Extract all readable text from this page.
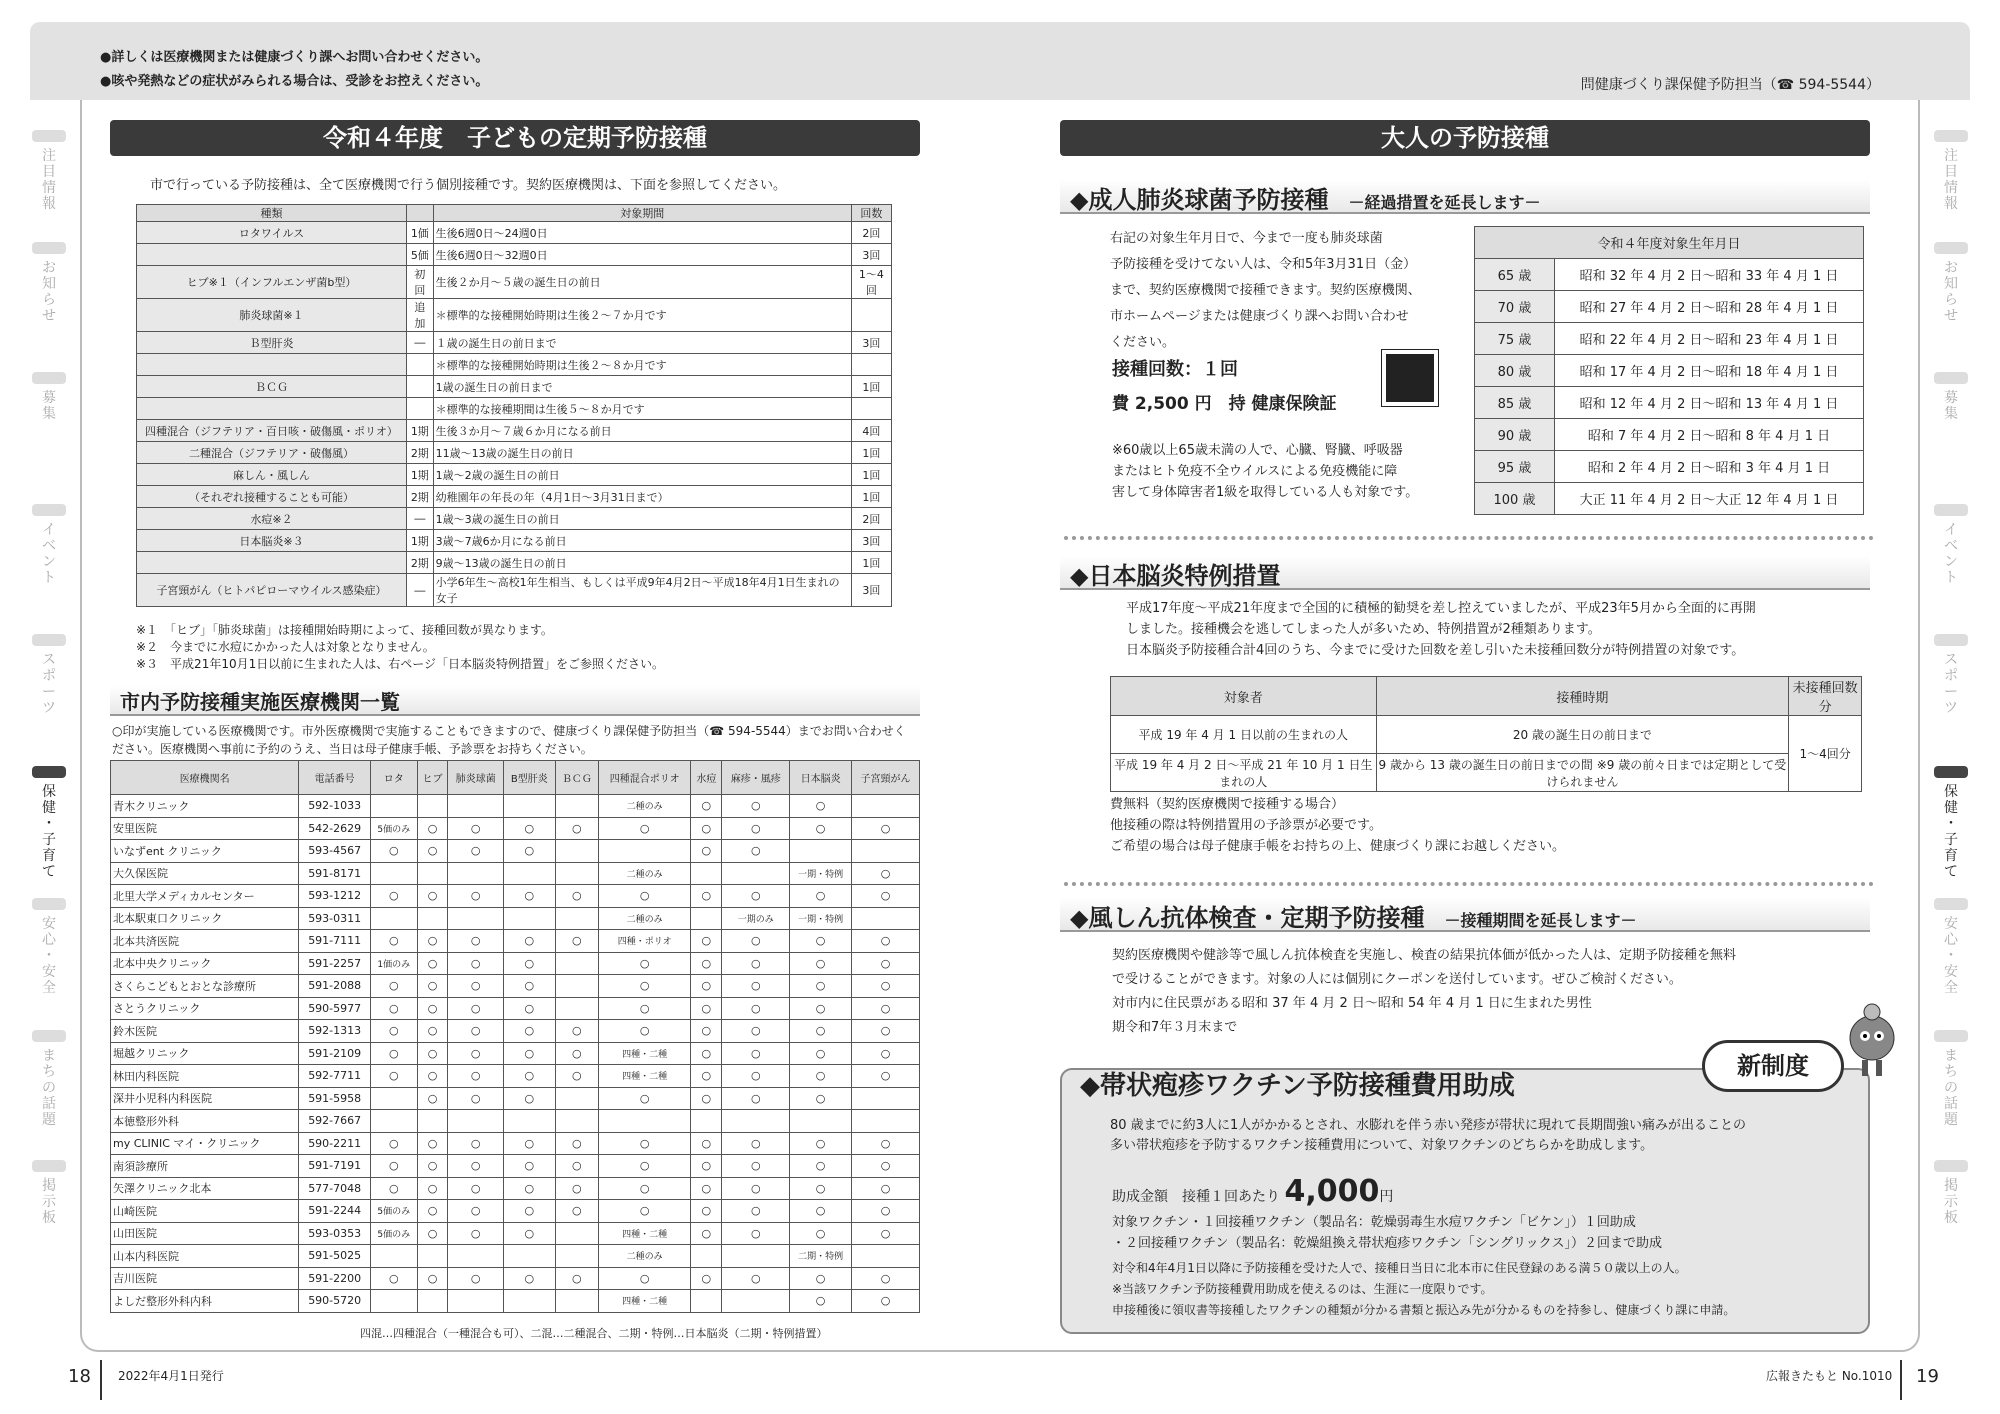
●詳しくは医療機関または健康づくり課へお問い合わせください。
●咳や発熱などの症状がみられる場合は、受診をお控えください。	問健康づくり課保健予防担当（☎ 594-5544）
令和４年度　子どもの定期予防接種
市で行っている予防接種は、全て医療機関で行う個別接種です。契約医療機関は、下面を参照してください。
種類		対象期間	回数
ロタワイルス	1価	生後6週0日～24週0日	2回
	5価	生後6週0日～32週0日	3回
ヒブ※１（インフルエンザ菌b型）	初回	生後２か月～５歳の誕生日の前日	1～4回
肺炎球菌※１	追加	＊標準的な接種開始時期は生後２～７か月です	
Ｂ型肝炎	―	１歳の誕生日の前日まで	3回
		＊標準的な接種開始時期は生後２～８か月です	
ＢＣＧ		1歳の誕生日の前日まで	1回
		＊標準的な接種期間は生後５～８か月です	
四種混合（ジフテリア・百日咳・破傷風・ポリオ）	1期	生後３か月～７歳６か月になる前日	4回
二種混合（ジフテリア・破傷風）	2期	11歳～13歳の誕生日の前日	1回
麻しん・風しん	1期	1歳～2歳の誕生日の前日	1回
（それぞれ接種することも可能）	2期	幼稚園年の年長の年（4月1日～3月31日まで）	1回
水痘※２	―	1歳～3歳の誕生日の前日	2回
日本脳炎※３	1期	3歳～7歳6か月になる前日	3回
	2期	9歳～13歳の誕生日の前日	1回
子宮頸がん（ヒトパピローマウイルス感染症）	―	小学6年生～高校1年生相当、もしくは平成9年4月2日～平成18年4月1日生まれの女子	3回
※１　「ヒブ」「肺炎球菌」は接種開始時期によって、接種回数が異なります。
※２　今までに水痘にかかった人は対象となりません。
※３　平成21年10月1日以前に生まれた人は、右ページ「日本脳炎特例措置」をご参照ください。
市内予防接種実施医療機関一覧
○印が実施している医療機関です。市外医療機関で実施することもできますので、健康づくり課保健予防担当（☎ 594-5544）までお問い合わせください。医療機関へ事前に予約のうえ、当日は母子健康手帳、予診票をお持ちください。
医療機関名	電話番号	ロタ	ヒブ	肺炎球菌	B型肝炎	ＢＣＧ	四種混合ポリオ	水痘	麻疹・風疹	日本脳炎	子宮頸がん
青木クリニック	592-1033						二種のみ	○	○	○	
安里医院	542-2629	5価のみ	○	○	○	○	○	○	○	○	○
いなずent クリニック	593-4567	○	○	○	○			○	○		
大久保医院	591-8171						二種のみ			一期・特例	○
北里大学メディカルセンター	593-1212	○	○	○	○	○	○	○	○	○	○
北本駅東口クリニック	593-0311						二種のみ		一期のみ	一期・特例	
北本共済医院	591-7111	○	○	○	○	○	四種・ポリオ	○	○	○	○
北本中央クリニック	591-2257	1価のみ	○	○	○		○	○	○	○	○
さくらこどもとおとな診療所	591-2088	○	○	○	○		○	○	○	○	○
さとうクリニック	590-5977	○	○	○	○		○	○	○	○	○
鈴木医院	592-1313	○	○	○	○	○	○	○	○	○	○
堀越クリニック	591-2109	○	○	○	○	○	四種・二種	○	○	○	○
林田内科医院	592-7711	○	○	○	○	○	四種・二種	○	○	○	○
深井小児科内科医院	591-5958		○	○	○		○	○	○	○	
本徳整形外科	592-7667										
my CLINIC マイ・クリニック	590-2211	○	○	○	○	○	○	○	○	○	○
南須診療所	591-7191	○	○	○	○	○	○	○	○	○	○
矢澤クリニック北本	577-7048	○	○	○	○	○	○	○	○	○	○
山崎医院	591-2244	5価のみ	○	○	○	○	○	○	○	○	○
山田医院	593-0353	5価のみ	○	○	○		四種・二種	○	○	○	○
山本内科医院	591-5025						二種のみ			二期・特例	
吉川医院	591-2200	○	○	○	○	○	○	○	○	○	○
よしだ整形外科内科	590-5720						四種・二種			○	○
四混…四種混合（一種混合も可）、二混…二種混合、二期・特例…日本脳炎（二期・特例措置）
18 2022年4月1日発行
大人の予防接種
◆成人肺炎球菌予防接種 －経過措置を延長します－
右記の対象生年月日で、今まで一度も肺炎球菌
予防接種を受けてない人は、令和5年3月31日（金）
まで、契約医療機関で接種できます。契約医療機関、
市ホームページまたは健康づくり課へお問い合わせ
ください。
接種回数：１回
費 2,500 円　持 健康保険証
※60歳以上65歳未満の人で、心臓、腎臓、呼吸器
またはヒト免疫不全ウイルスによる免疫機能に障
害して身体障害者1級を取得している人も対象です。
令和４年度対象生年月日	
65 歳	昭和 32 年 4 月 2 日～昭和 33 年 4 月 1 日
70 歳	昭和 27 年 4 月 2 日～昭和 28 年 4 月 1 日
75 歳	昭和 22 年 4 月 2 日～昭和 23 年 4 月 1 日
80 歳	昭和 17 年 4 月 2 日～昭和 18 年 4 月 1 日
85 歳	昭和 12 年 4 月 2 日～昭和 13 年 4 月 1 日
90 歳	昭和 7 年 4 月 2 日～昭和 8 年 4 月 1 日
95 歳	昭和 2 年 4 月 2 日～昭和 3 年 4 月 1 日
100 歳	大正 11 年 4 月 2 日～大正 12 年 4 月 1 日
◆日本脳炎特例措置
平成17年度～平成21年度まで全国的に積極的勧奨を差し控えていましたが、平成23年5月から全面的に再開
しました。接種機会を逃してしまった人が多いため、特例措置が2種類あります。
日本脳炎予防接種合計4回のうち、今までに受けた回数を差し引いた未接種回数分が特例措置の対象です。
対象者	接種時期	未接種回数分
平成 19 年 4 月 1 日以前の生まれの人	20 歳の誕生日の前日まで	1～4回分
平成 19 年 4 月 2 日～平成 21 年 10 月 1 日生まれの人	9 歳から 13 歳の誕生日の前日までの間 ※9 歳の前々日までは定期として受けられません	
費無料（契約医療機関で接種する場合）
他接種の際は特例措置用の予診票が必要です。
ご希望の場合は母子健康手帳をお持ちの上、健康づくり課にお越しください。
◆風しん抗体検査・定期予防接種 －接種期間を延長します－
契約医療機関や健診等で風しん抗体検査を実施し、検査の結果抗体価が低かった人は、定期予防接種を無料
で受けることができます。対象の人には個別にクーポンを送付しています。ぜひご検討ください。
対市内に住民票がある昭和 37 年 4 月 2 日～昭和 54 年 4 月 1 日に生まれた男性
期令和7年３月末まで
新制度
◆帯状疱疹ワクチン予防接種費用助成
80 歳までに約3人に1人がかかるとされ、水膨れを伴う赤い発疹が帯状に現れて長期間強い痛みが出ることの
多い帯状疱疹を予防するワクチン接種費用について、対象ワクチンのどちらかを助成します。
助成金額　接種１回あたり 4,000円
対象ワクチン・１回接種ワクチン（製品名：乾燥弱毒生水痘ワクチン「ビケン」）１回助成
・２回接種ワクチン（製品名：乾燥組換え帯状疱疹ワクチン「シングリックス」）２回まで助成
対令和4年4月1日以降に予防接種を受けた人で、接種日当日に北本市に住民登録のある満５０歳以上の人。
※当該ワクチン予防接種費用助成を使えるのは、生涯に一度限りです。
申接種後に領収書等接種したワクチンの種類が分かる書類と振込み先が分かるものを持参し、健康づくり課に申請。
広報きたもと No.1010 19
注
目
情
報
注
目
情
報
お
知
ら
せ
お
知
ら
せ
募
集
募
集
イ
ベ
ン
ト
イ
ベ
ン
ト
ス
ポ
ー
ツ
ス
ポ
ー
ツ
保
健
・
子
育
て
保
健
・
子
育
て
安
心
・
安
全
安
心
・
安
全
ま
ち
の
話
題
ま
ち
の
話
題
掲
示
板
掲
示
板
